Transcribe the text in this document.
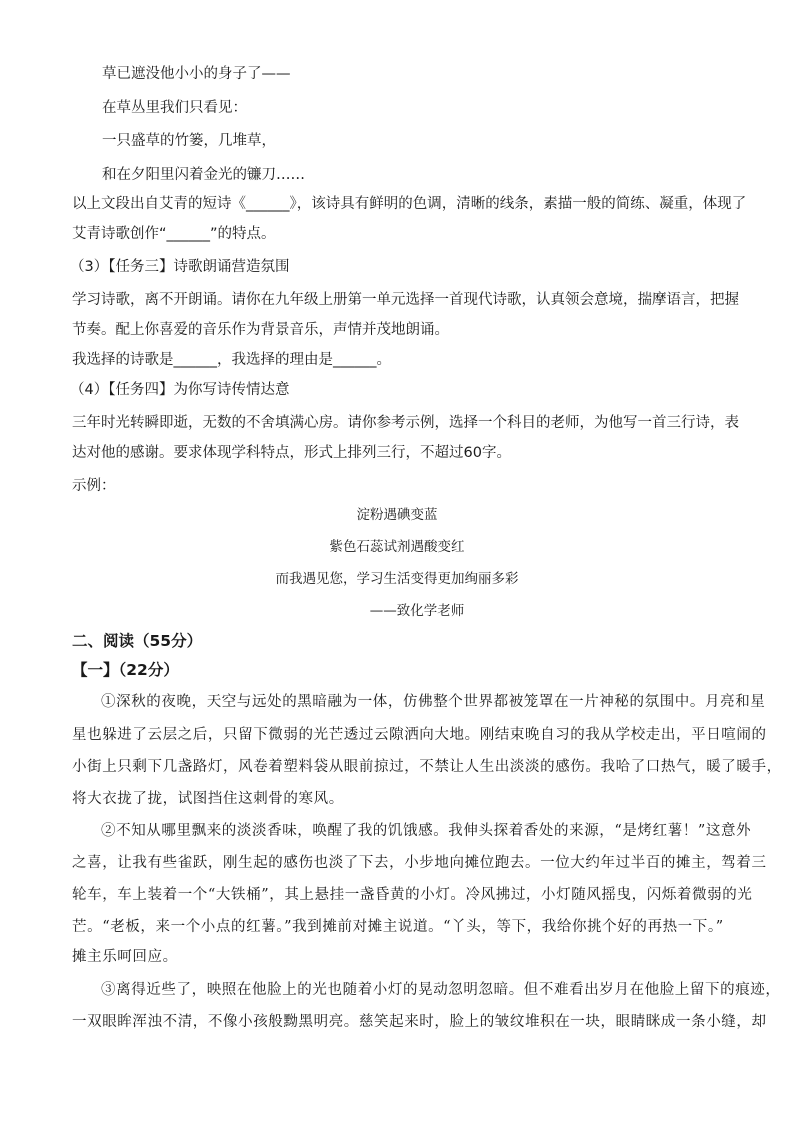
草已遮没他小小的身子了——
在草丛里我们只看见：
一只盛草的竹篓，几堆草，
和在夕阳里闪着金光的镰刀……
以上文段出自艾青的短诗《______》，该诗具有鲜明的色调，清晰的线条，素描一般的简练、凝重，体现了
艾青诗歌创作“______”的特点。
（3）【任务三】诗歌朗诵营造氛围
学习诗歌，离不开朗诵。请你在九年级上册第一单元选择一首现代诗歌，认真领会意境，揣摩语言，把握
节奏。配上你喜爱的音乐作为背景音乐，声情并茂地朗诵。
我选择的诗歌是______，我选择的理由是______。
（4）【任务四】为你写诗传情达意
三年时光转瞬即逝，无数的不舍填满心房。请你参考示例，选择一个科目的老师，为他写一首三行诗，表
达对他的感谢。要求体现学科特点，形式上排列三行，不超过60字。
示例：
淀粉遇碘变蓝
紫色石蕊试剂遇酸变红
而我遇见您，学习生活变得更加绚丽多彩
——致化学老师
二、阅读（55分）
【一】（22分）
①深秋的夜晚，天空与远处的黑暗融为一体，仿佛整个世界都被笼罩在一片神秘的氛围中。月亮和星
星也躲进了云层之后，只留下微弱的光芒透过云隙洒向大地。刚结束晚自习的我从学校走出，平日喧闹的
小街上只剩下几盏路灯，风卷着塑料袋从眼前掠过，不禁让人生出淡淡的感伤。我哈了口热气，暖了暖手，
将大衣拢了拢，试图挡住这刺骨的寒风。
②不知从哪里飘来的淡淡香味，唤醒了我的饥饿感。我伸头探着香处的来源，“是烤红薯！”这意外
之喜，让我有些雀跃，刚生起的感伤也淡了下去，小步地向摊位跑去。一位大约年过半百的摊主，驾着三
轮车，车上装着一个“大铁桶”，其上悬挂一盏昏黄的小灯。冷风拂过，小灯随风摇曳，闪烁着微弱的光
芒。“老板，来一个小点的红薯。”我到摊前对摊主说道。“丫头，等下，我给你挑个好的再热一下。”
摊主乐呵回应。
③离得近些了，映照在他脸上的光也随着小灯的晃动忽明忽暗。但不难看出岁月在他脸上留下的痕迹，
一双眼眸浑浊不清，不像小孩般黝黑明亮。慈笑起来时，脸上的皱纹堆积在一块，眼睛眯成一条小缝，却
